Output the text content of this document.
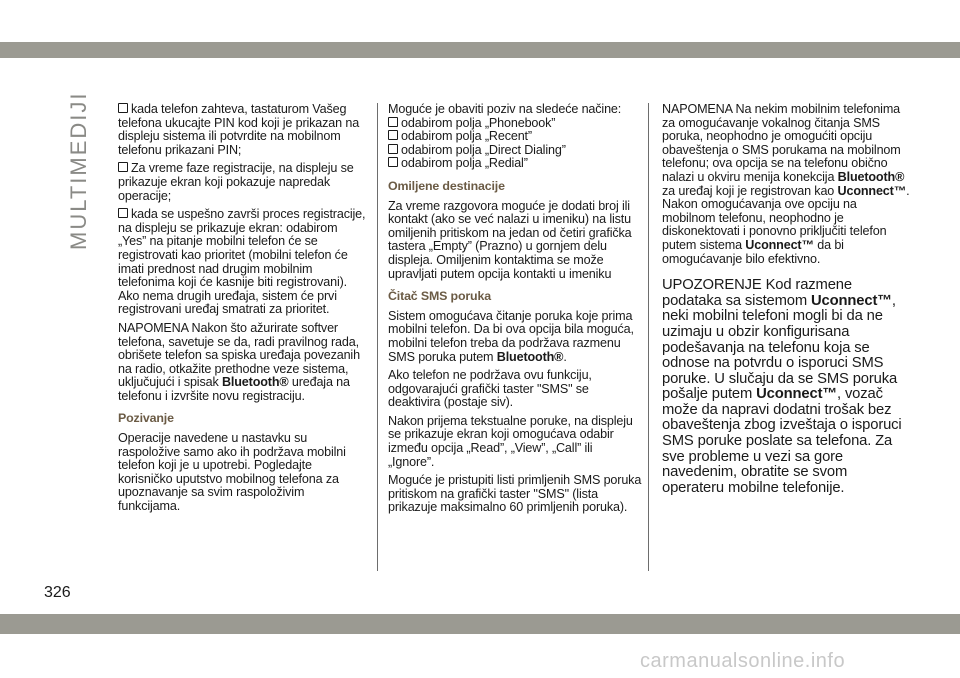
MULTIMEDIJI	kada telefon zahteva, tastaturom Vašeg telefona ukucajte PIN kod koji je prikazan na displeju sistema ili potvrdite na mobilnom telefonu prikazani PIN;

Za vreme faze registracije, na displeju se prikazuje ekran koji pokazuje napredak operacije;

kada se uspešno završi proces registracije, na displeju se prikazuje ekran: odabirom „Yes” na pitanje mobilni telefon će se registrovati kao prioritet (mobilni telefon će imati prednost nad drugim mobilnim telefonima koji će kasnije biti registrovani). Ako nema drugih uređaja, sistem će prvi registrovani uređaj smatrati za prioritet.

NAPOMENA Nakon što ažurirate softver telefona, savetuje se da, radi pravilnog rada, obrišete telefon sa spiska uređaja povezanih na radio, otkažite prethodne veze sistema, uključujući i spisak Bluetooth® uređaja na telefonu i izvršite novu registraciju.

Pozivanje

Operacije navedene u nastavku su raspoložive samo ako ih podržava mobilni telefon koji je u upotrebi. Pogledajte korisničko uputstvo mobilnog telefona za upoznavanje sa svim raspoloživim funkcijama.

Moguće je obaviti poziv na sledeće načine:

odabirom polja „Phonebook”
odabirom polja „Recent”
odabirom polja „Direct Dialing”
odabirom polja „Redial”
Omiljene destinacije

Za vreme razgovora moguće je dodati broj ili kontakt (ako se već nalazi u imeniku) na listu omiljenih pritiskom na jedan od četiri grafička tastera „Empty” (Prazno) u gornjem delu displeja. Omiljenim kontaktima se može upravljati putem opcija kontakti u imeniku

Čitač SMS poruka

Sistem omogućava čitanje poruka koje prima mobilni telefon. Da bi ova opcija bila moguća, mobilni telefon treba da podržava razmenu SMS poruka putem Bluetooth®.

Ako telefon ne podržava ovu funkciju, odgovarajući grafički taster "SMS" se deaktivira (postaje siv).

Nakon prijema tekstualne poruke, na displeju se prikazuje ekran koji omogućava odabir između opcija „Read”, „View”, „Call” ili „Ignore”.

Moguće je pristupiti listi primljenih SMS poruka pritiskom na grafički taster "SMS" (lista prikazuje maksimalno 60 primljenih poruka).

NAPOMENA Na nekim mobilnim telefonima za omogućavanje vokalnog čitanja SMS poruka, neophodno je omogućiti opciju obaveštenja o SMS porukama na mobilnom telefonu; ova opcija se na telefonu obično nalazi u okviru menija konekcija Bluetooth® za uređaj koji je registrovan kao Uconnect™. Nakon omogućavanja ove opciju na mobilnom telefonu, neophodno je diskonektovati i ponovno priključiti telefon putem sistema Uconnect™ da bi omogućavanje bilo efektivno.

UPOZORENJE Kod razmene podataka sa sistemom Uconnect™, neki mobilni telefoni mogli bi da ne uzimaju u obzir konfigurisana podešavanja na telefonu koja se odnose na potvrdu o isporuci SMS poruke. U slučaju da se SMS poruka pošalje putem Uconnect™, vozač može da napravi dodatni trošak bez obaveštenja zbog izveštaja o isporuci SMS poruke poslate sa telefona. Za sve probleme u vezi sa gore navedenim, obratite se svom operateru mobilne telefonije.

326
carmanualsonline.info
